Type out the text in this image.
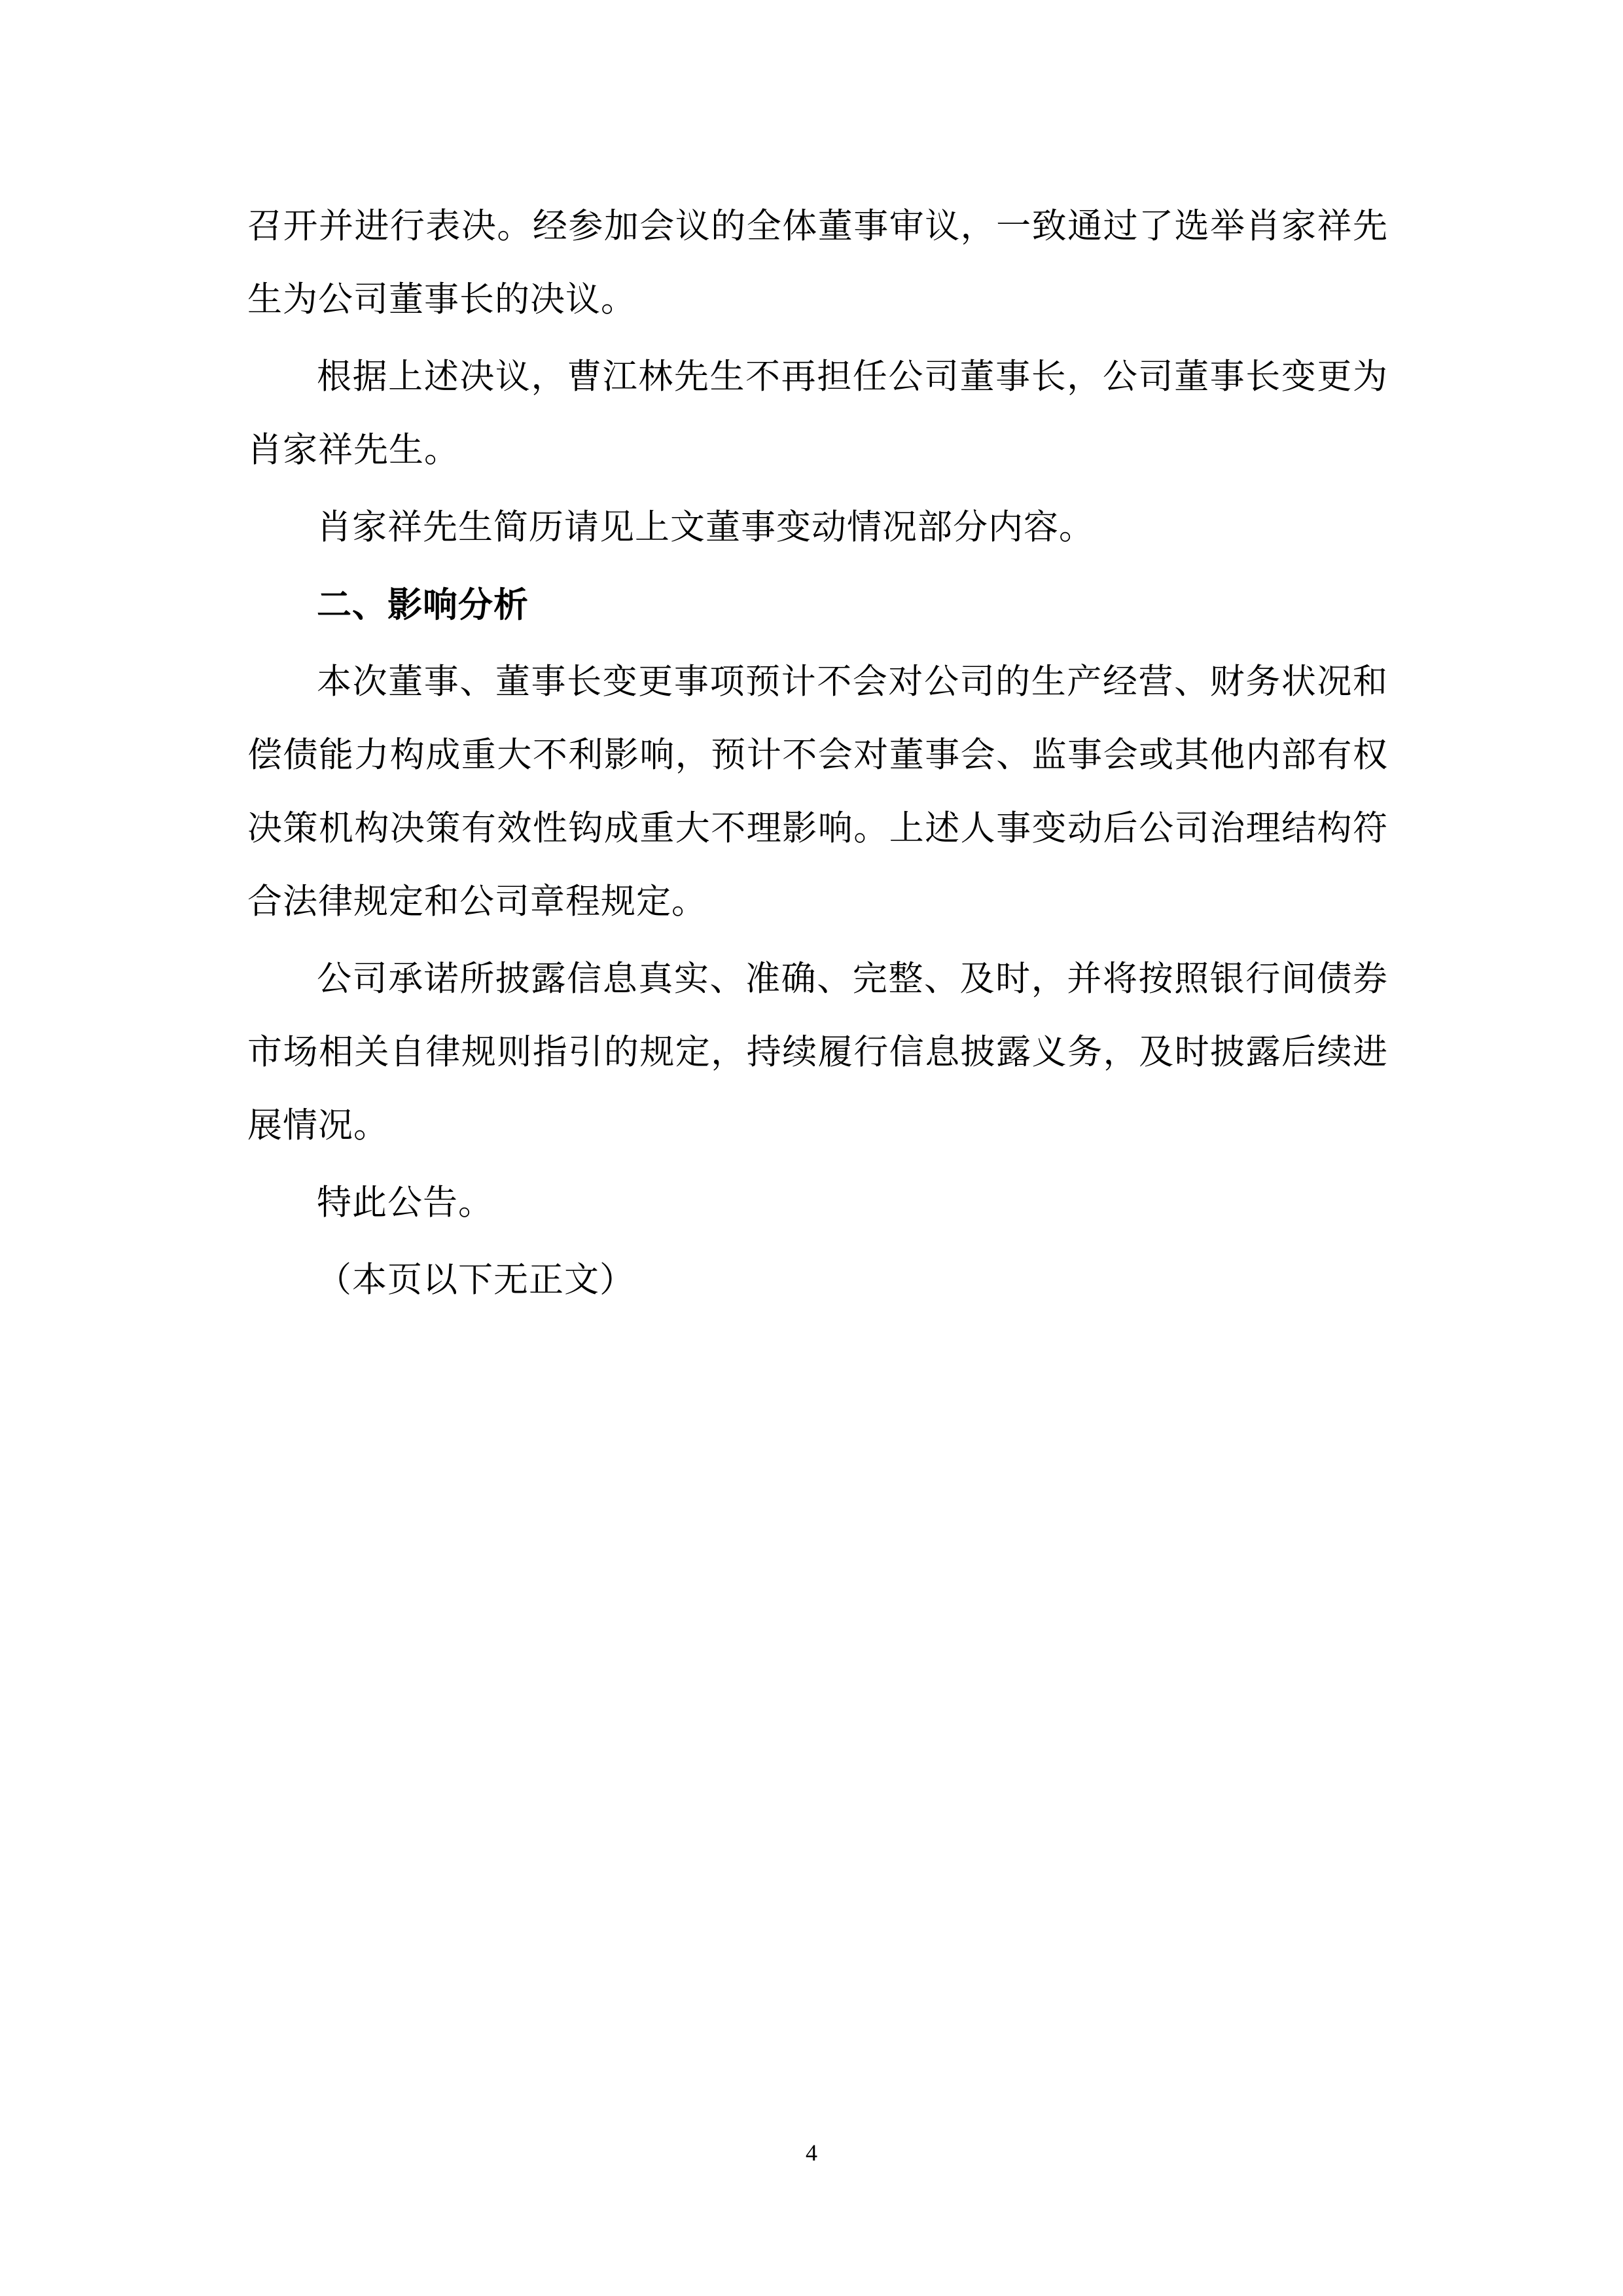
召开并进行表决。经参加会议的全体董事审议，一致通过了选举肖家祥先生为公司董事长的决议。

根据上述决议，曹江林先生不再担任公司董事长，公司董事长变更为肖家祥先生。

肖家祥先生简历请见上文董事变动情况部分内容。

二、影响分析

本次董事、董事长变更事项预计不会对公司的生产经营、财务状况和偿债能力构成重大不利影响，预计不会对董事会、监事会或其他内部有权决策机构决策有效性钩成重大不理影响。上述人事变动后公司治理结构符合法律规定和公司章程规定。

公司承诺所披露信息真实、准确、完整、及时，并将按照银行间债券市场相关自律规则指引的规定，持续履行信息披露义务，及时披露后续进展情况。

特此公告。

（本页以下无正文）

4
